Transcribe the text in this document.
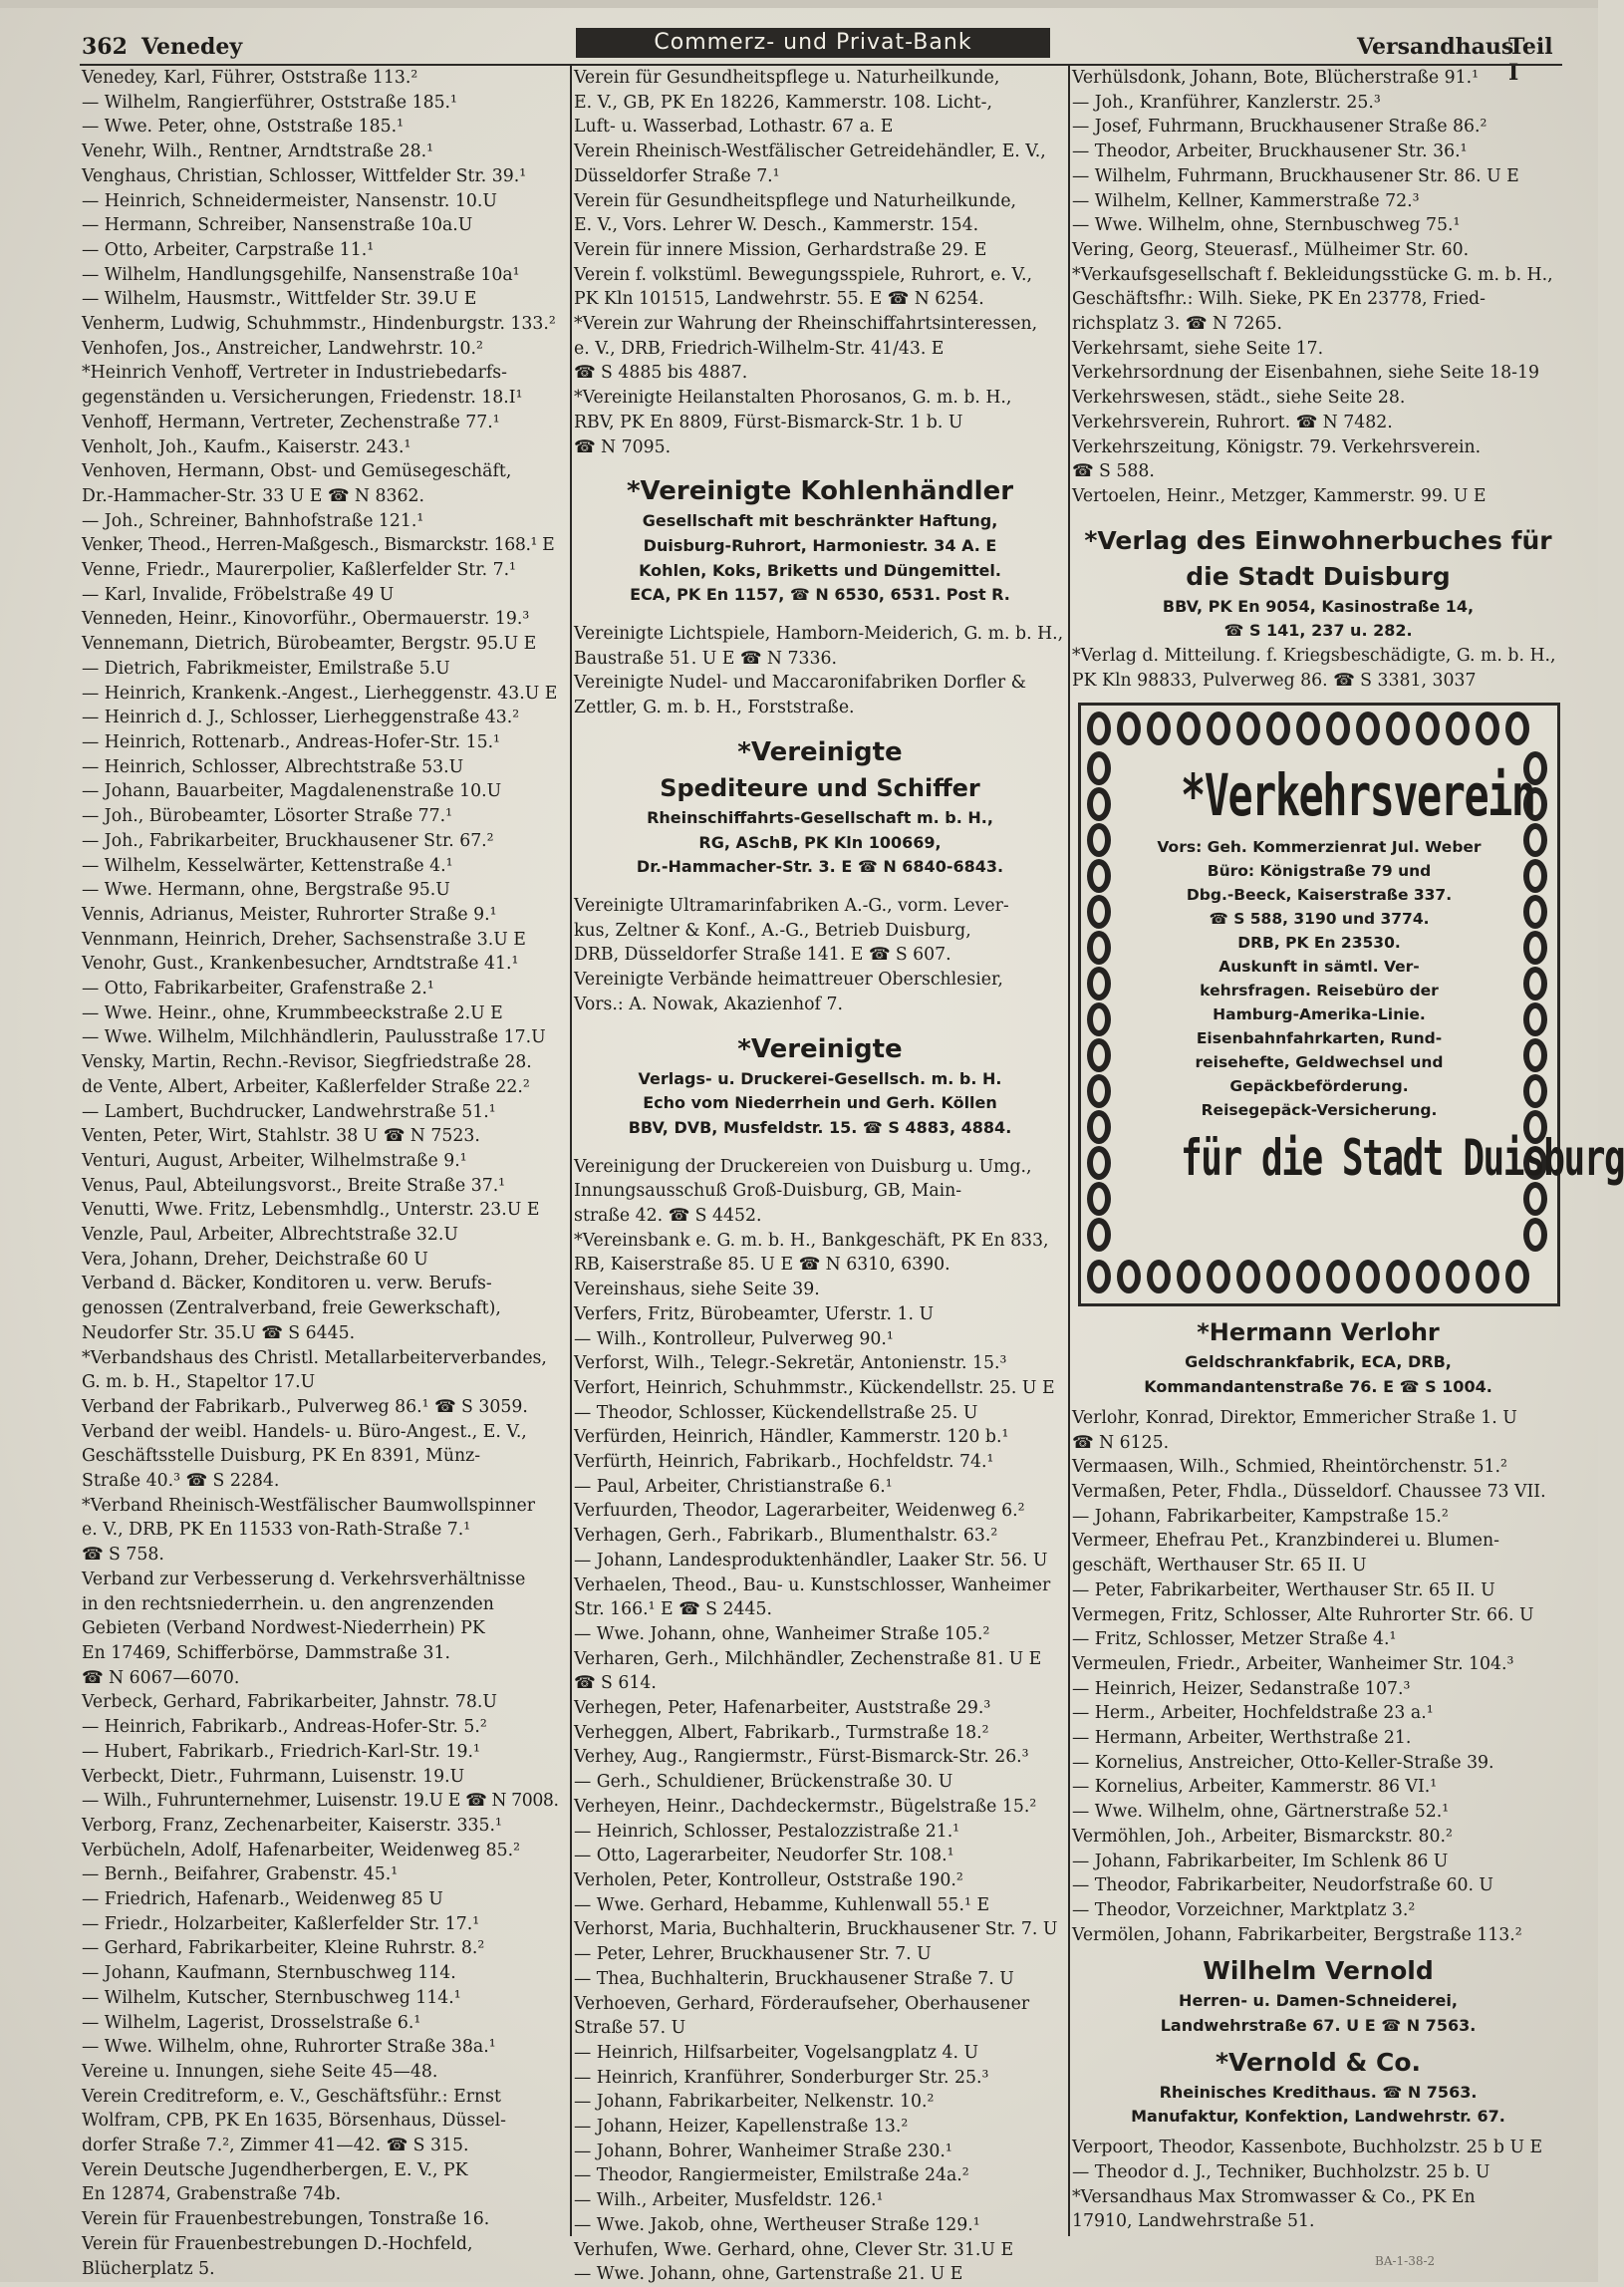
362 Venedey	Versandhaus
Teil I
Commerz- und Privat-Bank
Venedey, Karl, Führer, Oststraße 113.²
— Wilhelm, Rangierführer, Oststraße 185.¹
— Wwe. Peter, ohne, Oststraße 185.¹
Venehr, Wilh., Rentner, Arndtstraße 28.¹
Venghaus, Christian, Schlosser, Wittfelder Str. 39.¹
— Heinrich, Schneidermeister, Nansenstr. 10.U
— Hermann, Schreiber, Nansenstraße 10a.U
— Otto, Arbeiter, Carpstraße 11.¹
— Wilhelm, Handlungsgehilfe, Nansenstraße 10a¹
— Wilhelm, Hausmstr., Wittfelder Str. 39.U E
Venherm, Ludwig, Schuhmmstr., Hindenburgstr. 133.²
Venhofen, Jos., Anstreicher, Landwehrstr. 10.²
*Heinrich Venhoff, Vertreter in Industriebedarfs-
gegenständen u. Versicherungen, Friedenstr. 18.I¹
Venhoff, Hermann, Vertreter, Zechenstraße 77.¹
Venholt, Joh., Kaufm., Kaiserstr. 243.¹
Venhoven, Hermann, Obst- und Gemüsegeschäft,
Dr.-Hammacher-Str. 33 U E ☎ N 8362.
— Joh., Schreiner, Bahnhofstraße 121.¹
Venker, Theod., Herren-Maßgesch., Bismarckstr. 168.¹ E
Venne, Friedr., Maurerpolier, Kaßlerfelder Str. 7.¹
— Karl, Invalide, Fröbelstraße 49 U
Venneden, Heinr., Kinovorführ., Obermauerstr. 19.³
Vennemann, Dietrich, Bürobeamter, Bergstr. 95.U E
— Dietrich, Fabrikmeister, Emilstraße 5.U
— Heinrich, Krankenk.-Angest., Lierheggenstr. 43.U E
— Heinrich d. J., Schlosser, Lierheggenstraße 43.²
— Heinrich, Rottenarb., Andreas-Hofer-Str. 15.¹
— Heinrich, Schlosser, Albrechtstraße 53.U
— Johann, Bauarbeiter, Magdalenenstraße 10.U
— Joh., Bürobeamter, Lösorter Straße 77.¹
— Joh., Fabrikarbeiter, Bruckhausener Str. 67.²
— Wilhelm, Kesselwärter, Kettenstraße 4.¹
— Wwe. Hermann, ohne, Bergstraße 95.U
Vennis, Adrianus, Meister, Ruhrorter Straße 9.¹
Vennmann, Heinrich, Dreher, Sachsenstraße 3.U E
Venohr, Gust., Krankenbesucher, Arndtstraße 41.¹
— Otto, Fabrikarbeiter, Grafenstraße 2.¹
— Wwe. Heinr., ohne, Krummbeeckstraße 2.U E
— Wwe. Wilhelm, Milchhändlerin, Paulusstraße 17.U
Vensky, Martin, Rechn.-Revisor, Siegfriedstraße 28.
de Vente, Albert, Arbeiter, Kaßlerfelder Straße 22.²
— Lambert, Buchdrucker, Landwehrstraße 51.¹
Venten, Peter, Wirt, Stahlstr. 38 U ☎ N 7523.
Venturi, August, Arbeiter, Wilhelmstraße 9.¹
Venus, Paul, Abteilungsvorst., Breite Straße 37.¹
Venutti, Wwe. Fritz, Lebensmhdlg., Unterstr. 23.U E
Venzle, Paul, Arbeiter, Albrechtstraße 32.U
Vera, Johann, Dreher, Deichstraße 60 U
Verband d. Bäcker, Konditoren u. verw. Berufs-
genossen (Zentralverband, freie Gewerkschaft),
Neudorfer Str. 35.U ☎ S 6445.
*Verbandshaus des Christl. Metallarbeiterverbandes,
G. m. b. H., Stapeltor 17.U
Verband der Fabrikarb., Pulverweg 86.¹ ☎ S 3059.
Verband der weibl. Handels- u. Büro-Angest., E. V.,
Geschäftsstelle Duisburg, PK En 8391, Münz-
Straße 40.³ ☎ S 2284.
*Verband Rheinisch-Westfälischer Baumwollspinner
e. V., DRB, PK En 11533 von-Rath-Straße 7.¹
☎ S 758.
Verband zur Verbesserung d. Verkehrsverhältnisse
in den rechtsniederrhein. u. den angrenzenden
Gebieten (Verband Nordwest-Niederrhein) PK
En 17469, Schifferbörse, Dammstraße 31.
☎ N 6067—6070.
Verbeck, Gerhard, Fabrikarbeiter, Jahnstr. 78.U
— Heinrich, Fabrikarb., Andreas-Hofer-Str. 5.²
— Hubert, Fabrikarb., Friedrich-Karl-Str. 19.¹
Verbeckt, Dietr., Fuhrmann, Luisenstr. 19.U
— Wilh., Fuhrunternehmer, Luisenstr. 19.U E ☎ N 7008.
Verborg, Franz, Zechenarbeiter, Kaiserstr. 335.¹
Verbücheln, Adolf, Hafenarbeiter, Weidenweg 85.²
— Bernh., Beifahrer, Grabenstr. 45.¹
— Friedrich, Hafenarb., Weidenweg 85 U
— Friedr., Holzarbeiter, Kaßlerfelder Str. 17.¹
— Gerhard, Fabrikarbeiter, Kleine Ruhrstr. 8.²
— Johann, Kaufmann, Sternbuschweg 114.
— Wilhelm, Kutscher, Sternbuschweg 114.¹
— Wilhelm, Lagerist, Drosselstraße 6.¹
— Wwe. Wilhelm, ohne, Ruhrorter Straße 38a.¹
Vereine u. Innungen, siehe Seite 45—48.
Verein Creditreform, e. V., Geschäftsführ.: Ernst
Wolfram, CPB, PK En 1635, Börsenhaus, Düssel-
dorfer Straße 7.², Zimmer 41—42. ☎ S 315.
Verein Deutsche Jugendherbergen, E. V., PK
En 12874, Grabenstraße 74b.
Verein für Frauenbestrebungen, Tonstraße 16.
Verein für Frauenbestrebungen D.-Hochfeld,
Blücherplatz 5.
Verein für Gesundheitspflege u. Naturheilkunde,
E. V., GB, PK En 18226, Kammerstr. 108. Licht-,
Luft- u. Wasserbad, Lothastr. 67 a. E
Verein Rheinisch-Westfälischer Getreidehändler, E. V.,
Düsseldorfer Straße 7.¹
Verein für Gesundheitspflege und Naturheilkunde,
E. V., Vors. Lehrer W. Desch., Kammerstr. 154.
Verein für innere Mission, Gerhardstraße 29. E
Verein f. volkstüml. Bewegungsspiele, Ruhrort, e. V.,
PK Kln 101515, Landwehrstr. 55. E ☎ N 6254.
*Verein zur Wahrung der Rheinschiffahrtsinteressen,
e. V., DRB, Friedrich-Wilhelm-Str. 41/43. E
☎ S 4885 bis 4887.
*Vereinigte Heilanstalten Phorosanos, G. m. b. H.,
RBV, PK En 8809, Fürst-Bismarck-Str. 1 b. U
☎ N 7095.
*Vereinigte Kohlenhändler
Gesellschaft mit beschränkter Haftung,
Duisburg-Ruhrort, Harmoniestr. 34 A. E
Kohlen, Koks, Briketts und Düngemittel.
ECA, PK En 1157, ☎ N 6530, 6531. Post R.
Vereinigte Lichtspiele, Hamborn-Meiderich, G. m. b. H.,
Baustraße 51. U E ☎ N 7336.
Vereinigte Nudel- und Maccaronifabriken Dorfler &
Zettler, G. m. b. H., Forststraße.
*Vereinigte
Spediteure und Schiffer
Rheinschiffahrts-Gesellschaft m. b. H.,
RG, ASchB, PK Kln 100669,
Dr.-Hammacher-Str. 3. E ☎ N 6840-6843.
Vereinigte Ultramarinfabriken A.-G., vorm. Lever-
kus, Zeltner & Konf., A.-G., Betrieb Duisburg,
DRB, Düsseldorfer Straße 141. E ☎ S 607.
Vereinigte Verbände heimattreuer Oberschlesier,
Vors.: A. Nowak, Akazienhof 7.
*Vereinigte
Verlags- u. Druckerei-Gesellsch. m. b. H.
Echo vom Niederrhein und Gerh. Köllen
BBV, DVB, Musfeldstr. 15. ☎ S 4883, 4884.
Vereinigung der Druckereien von Duisburg u. Umg.,
Innungsausschuß Groß-Duisburg, GB, Main-
straße 42. ☎ S 4452.
*Vereinsbank e. G. m. b. H., Bankgeschäft, PK En 833,
RB, Kaiserstraße 85. U E ☎ N 6310, 6390.
Vereinshaus, siehe Seite 39.
Verfers, Fritz, Bürobeamter, Uferstr. 1. U
— Wilh., Kontrolleur, Pulverweg 90.¹
Verforst, Wilh., Telegr.-Sekretär, Antonienstr. 15.³
Verfort, Heinrich, Schuhmmstr., Kückendellstr. 25. U E
— Theodor, Schlosser, Kückendellstraße 25. U
Verfürden, Heinrich, Händler, Kammerstr. 120 b.¹
Verfürth, Heinrich, Fabrikarb., Hochfeldstr. 74.¹
— Paul, Arbeiter, Christianstraße 6.¹
Verfuurden, Theodor, Lagerarbeiter, Weidenweg 6.²
Verhagen, Gerh., Fabrikarb., Blumenthalstr. 63.²
— Johann, Landesproduktenhändler, Laaker Str. 56. U
Verhaelen, Theod., Bau- u. Kunstschlosser, Wanheimer
Str. 166.¹ E ☎ S 2445.
— Wwe. Johann, ohne, Wanheimer Straße 105.²
Verharen, Gerh., Milchhändler, Zechenstraße 81. U E
☎ S 614.
Verhegen, Peter, Hafenarbeiter, Auststraße 29.³
Verheggen, Albert, Fabrikarb., Turmstraße 18.²
Verhey, Aug., Rangiermstr., Fürst-Bismarck-Str. 26.³
— Gerh., Schuldiener, Brückenstraße 30. U
Verheyen, Heinr., Dachdeckermstr., Bügelstraße 15.²
— Heinrich, Schlosser, Pestalozzistraße 21.¹
— Otto, Lagerarbeiter, Neudorfer Str. 108.¹
Verholen, Peter, Kontrolleur, Oststraße 190.²
— Wwe. Gerhard, Hebamme, Kuhlenwall 55.¹ E
Verhorst, Maria, Buchhalterin, Bruckhausener Str. 7. U
— Peter, Lehrer, Bruckhausener Str. 7. U
— Thea, Buchhalterin, Bruckhausener Straße 7. U
Verhoeven, Gerhard, Förderaufseher, Oberhausener
Straße 57. U
— Heinrich, Hilfsarbeiter, Vogelsangplatz 4. U
— Heinrich, Kranführer, Sonderburger Str. 25.³
— Johann, Fabrikarbeiter, Nelkenstr. 10.²
— Johann, Heizer, Kapellenstraße 13.²
— Johann, Bohrer, Wanheimer Straße 230.¹
— Theodor, Rangiermeister, Emilstraße 24a.²
— Wilh., Arbeiter, Musfeldstr. 126.¹
— Wwe. Jakob, ohne, Wertheuser Straße 129.¹
Verhufen, Wwe. Gerhard, ohne, Clever Str. 31.U E
— Wwe. Johann, ohne, Gartenstraße 21. U E
Verhülsdonk, Johann, Bote, Blücherstraße 91.¹
— Joh., Kranführer, Kanzlerstr. 25.³
— Josef, Fuhrmann, Bruckhausener Straße 86.²
— Theodor, Arbeiter, Bruckhausener Str. 36.¹
— Wilhelm, Fuhrmann, Bruckhausener Str. 86. U E
— Wilhelm, Kellner, Kammerstraße 72.³
— Wwe. Wilhelm, ohne, Sternbuschweg 75.¹
Vering, Georg, Steuerasf., Mülheimer Str. 60.
*Verkaufsgesellschaft f. Bekleidungsstücke G. m. b. H.,
Geschäftsfhr.: Wilh. Sieke, PK En 23778, Fried-
richsplatz 3. ☎ N 7265.
Verkehrsamt, siehe Seite 17.
Verkehrsordnung der Eisenbahnen, siehe Seite 18-19
Verkehrswesen, städt., siehe Seite 28.
Verkehrsverein, Ruhrort. ☎ N 7482.
Verkehrszeitung, Königstr. 79. Verkehrsverein.
☎ S 588.
Vertoelen, Heinr., Metzger, Kammerstr. 99. U E
*Verlag des Einwohnerbuches für
die Stadt Duisburg
BBV, PK En 9054, Kasinostraße 14,
☎ S 141, 237 u. 282.
*Verlag d. Mitteilung. f. Kriegsbeschädigte, G. m. b. H.,
PK Kln 98833, Pulverweg 86. ☎ S 3381, 3037
*Verkehrsverein
Vors: Geh. Kommerzienrat Jul. Weber
Büro: Königstraße 79 und
Dbg.-Beeck, Kaiserstraße 337.
☎ S 588, 3190 und 3774.
DRB, PK En 23530.
Auskunft in sämtl. Ver-
kehrsfragen. Reisebüro der
Hamburg-Amerika-Linie.
Eisenbahnfahrkarten, Rund-
reisehefte, Geldwechsel und
Gepäckbeförderung.
Reisegepäck-Versicherung.
für die Stadt Duisburg
*Hermann Verlohr
Geldschrankfabrik, ECA, DRB,
Kommandantenstraße 76. E ☎ S 1004.
Verlohr, Konrad, Direktor, Emmericher Straße 1. U
☎ N 6125.
Vermaasen, Wilh., Schmied, Rheintörchenstr. 51.²
Vermaßen, Peter, Fhdla., Düsseldorf. Chaussee 73 VII.
— Johann, Fabrikarbeiter, Kampstraße 15.²
Vermeer, Ehefrau Pet., Kranzbinderei u. Blumen-
geschäft, Werthauser Str. 65 II. U
— Peter, Fabrikarbeiter, Werthauser Str. 65 II. U
Vermegen, Fritz, Schlosser, Alte Ruhrorter Str. 66. U
— Fritz, Schlosser, Metzer Straße 4.¹
Vermeulen, Friedr., Arbeiter, Wanheimer Str. 104.³
— Heinrich, Heizer, Sedanstraße 107.³
— Herm., Arbeiter, Hochfeldstraße 23 a.¹
— Hermann, Arbeiter, Werthstraße 21.
— Kornelius, Anstreicher, Otto-Keller-Straße 39.
— Kornelius, Arbeiter, Kammerstr. 86 VI.¹
— Wwe. Wilhelm, ohne, Gärtnerstraße 52.¹
Vermöhlen, Joh., Arbeiter, Bismarckstr. 80.²
— Johann, Fabrikarbeiter, Im Schlenk 86 U
— Theodor, Fabrikarbeiter, Neudorfstraße 60. U
— Theodor, Vorzeichner, Marktplatz 3.²
Vermölen, Johann, Fabrikarbeiter, Bergstraße 113.²
Wilhelm Vernold
Herren- u. Damen-Schneiderei,
Landwehrstraße 67. U E ☎ N 7563.
*Vernold & Co.
Rheinisches Kredithaus. ☎ N 7563.
Manufaktur, Konfektion, Landwehrstr. 67.
Verpoort, Theodor, Kassenbote, Buchholzstr. 25 b U E
— Theodor d. J., Techniker, Buchholzstr. 25 b. U
*Versandhaus Max Stromwasser & Co., PK En
17910, Landwehrstraße 51.
BA-1-38-2
